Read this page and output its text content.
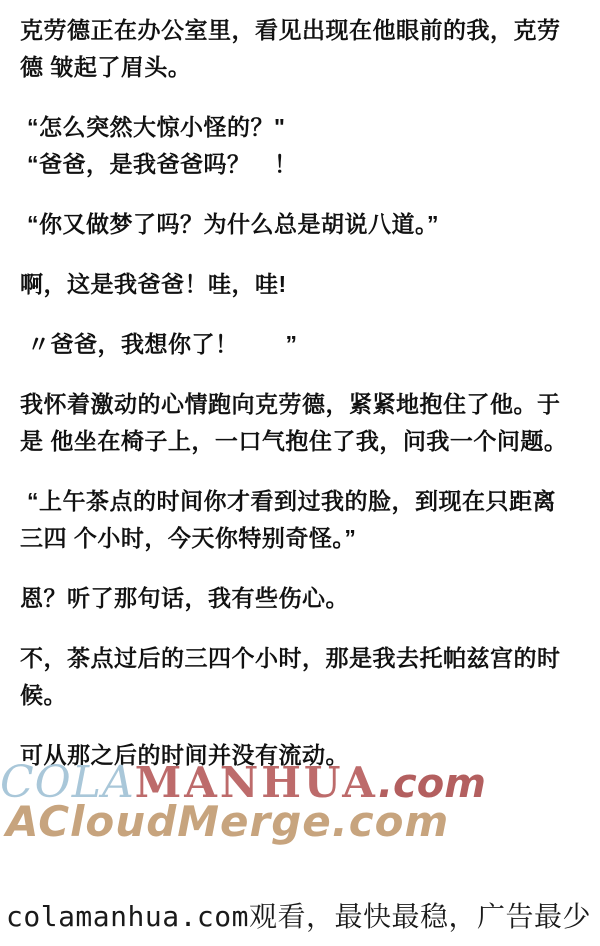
克劳德正在办公室里，看见出现在他眼前的我，克劳
德 皱起了眉头。
“怎么突然大惊小怪的？"
“爸爸，是我爸爸吗？　！
“你又做梦了吗？为什么总是胡说八道。”
啊，这是我爸爸！哇，哇!
〃爸爸，我想你了！　　”
我怀着激动的心情跑向克劳德，紧紧地抱住了他。于
是 他坐在椅子上，一口气抱住了我，问我一个问题。
“上午茶点的时间你才看到过我的脸，到现在只距离
三四 个小时，今天你特别奇怪。”
恩？听了那句话，我有些伤心。
不，茶点过后的三四个小时，那是我去托帕兹宫的时
候。
可从那之后的时间并没有流动。
COLAMANHUA.com
ACloudMerge.com
colamanhua.com观看，最快最稳，广告最少
